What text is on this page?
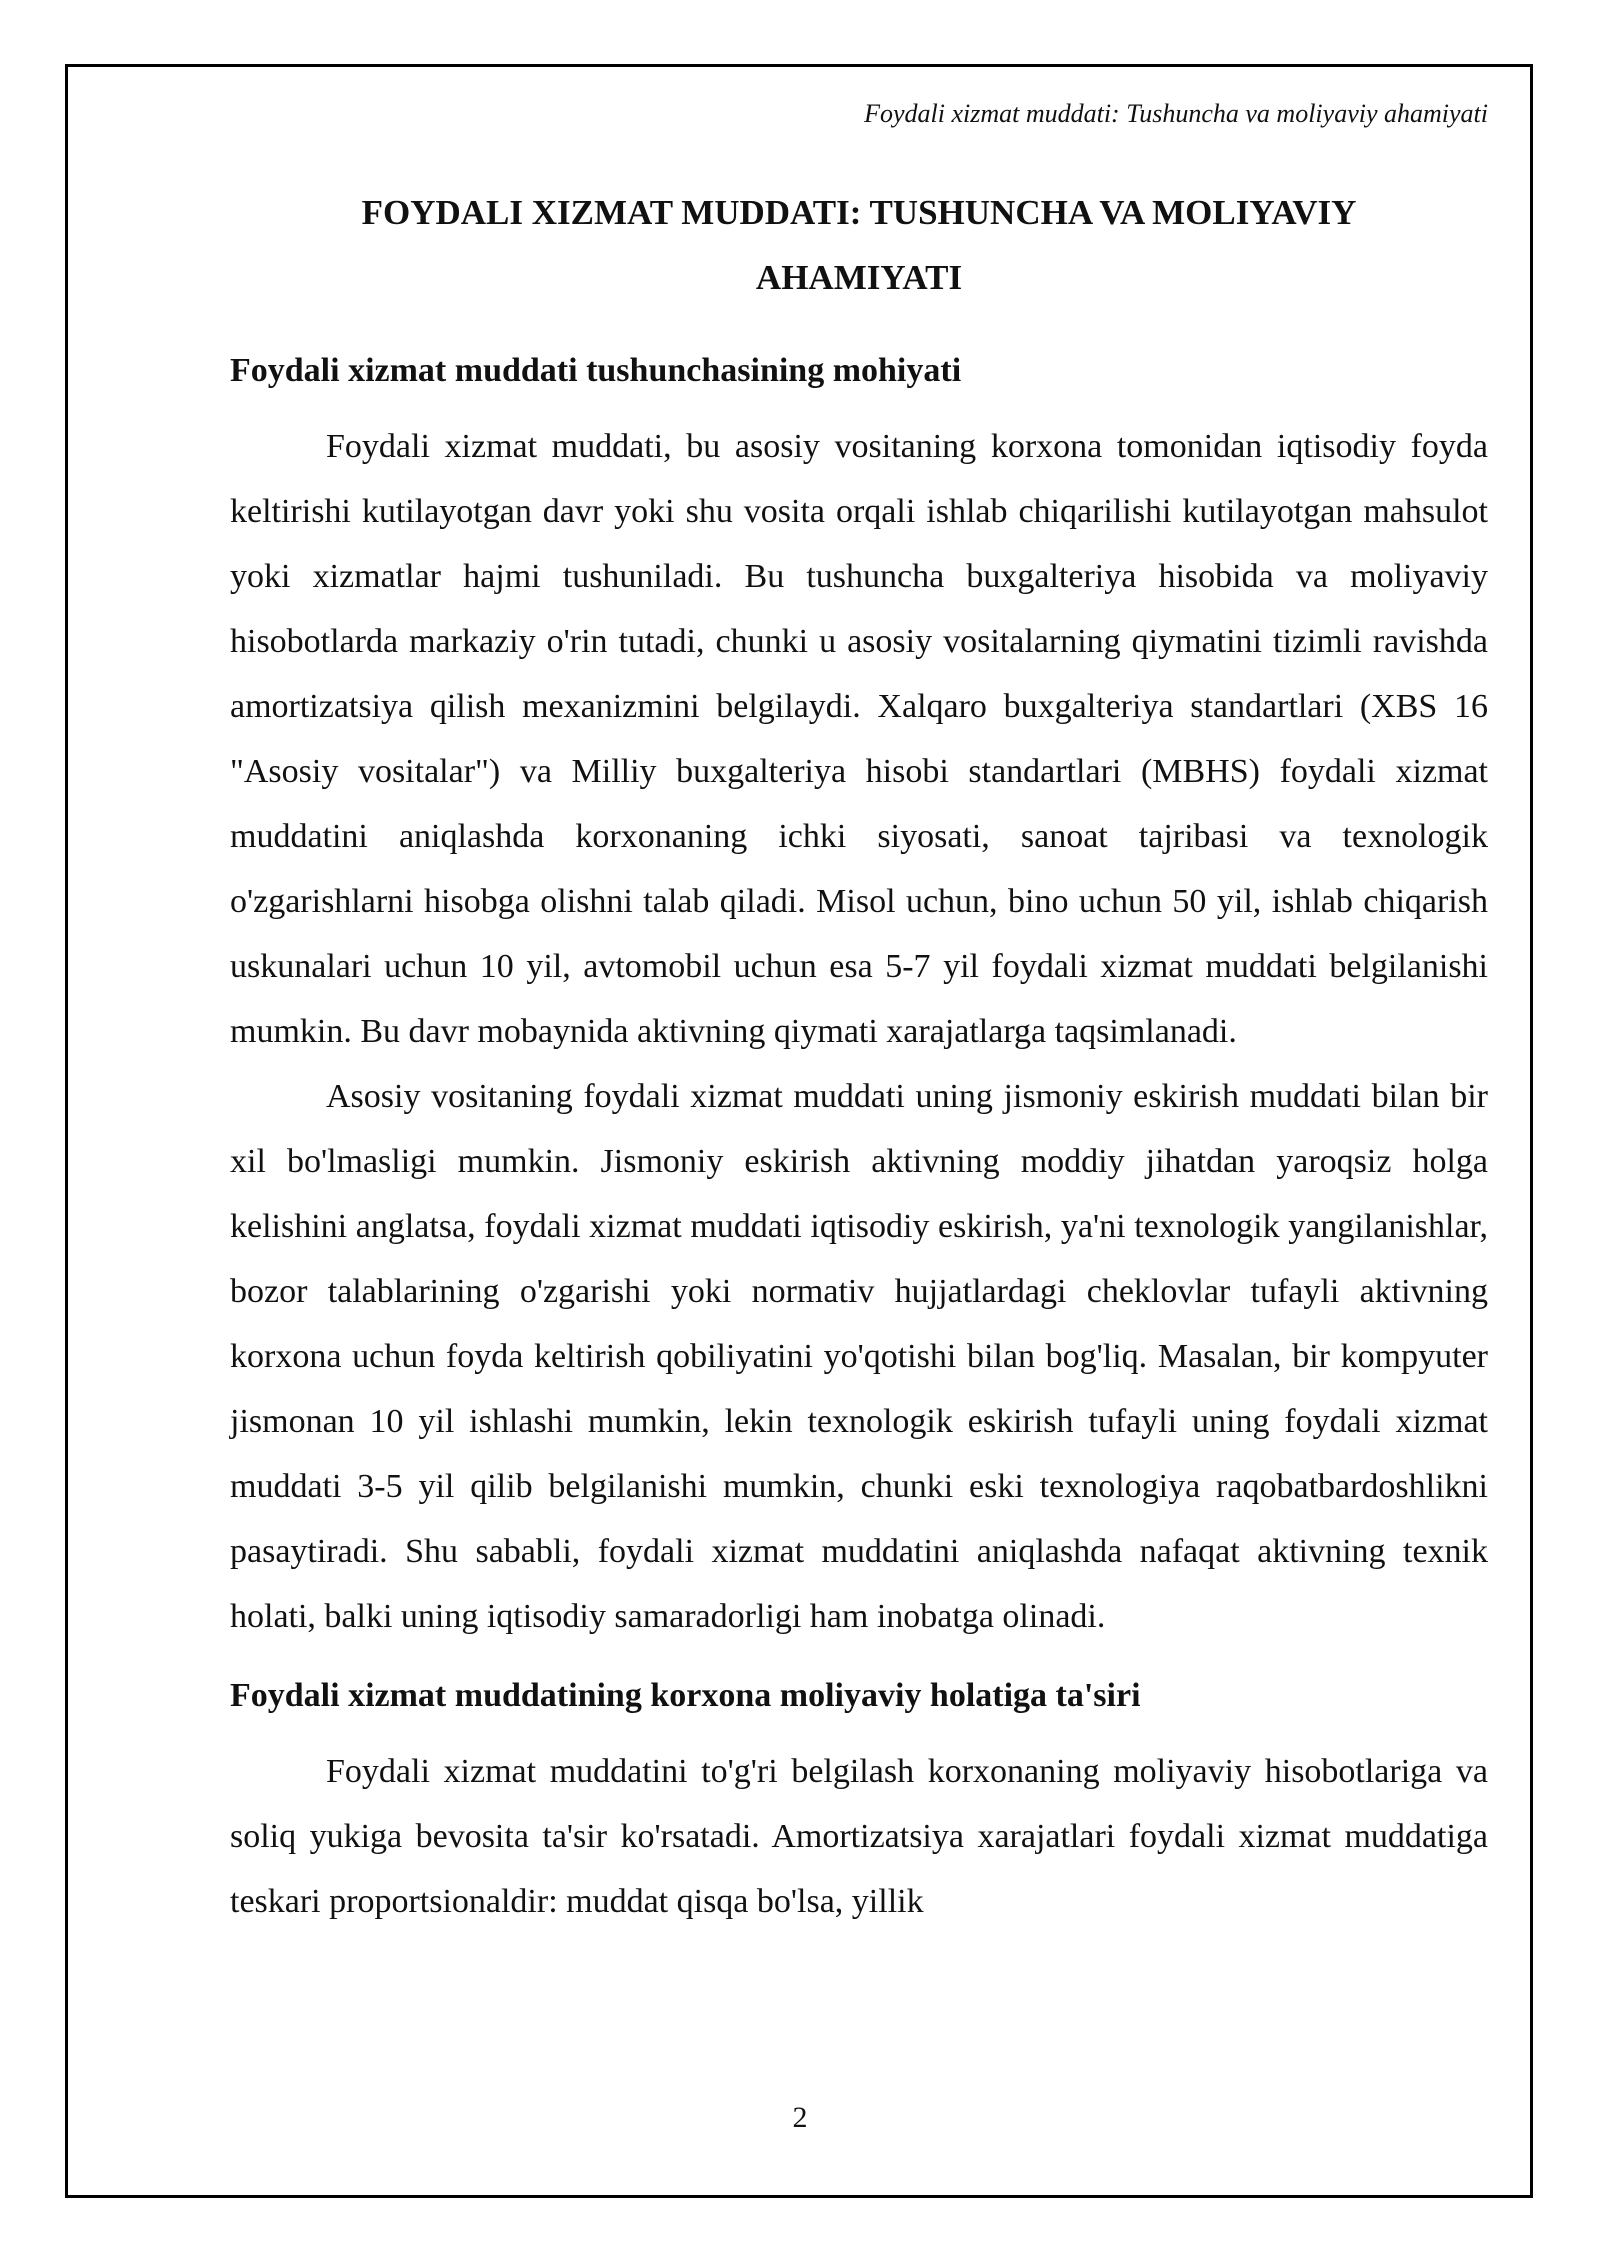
Foydali xizmat muddati: Tushuncha va moliyaviy ahamiyati
FOYDALI XIZMAT MUDDATI: TUSHUNCHA VA MOLIYAVIY AHAMIYATI
Foydali xizmat muddati tushunchasining mohiyati

Foydali xizmat muddati, bu asosiy vositaning korxona tomonidan iqtisodiy foyda keltirishi kutilayotgan davr yoki shu vosita orqali ishlab chiqarilishi kutilayotgan mahsulot yoki xizmatlar hajmi tushuniladi. Bu tushuncha buxgalteriya hisobida va moliyaviy hisobotlarda markaziy o'rin tutadi, chunki u asosiy vositalarning qiymatini tizimli ravishda amortizatsiya qilish mexanizmini belgilaydi. Xalqaro buxgalteriya standartlari (XBS 16 "Asosiy vositalar") va Milliy buxgalteriya hisobi standartlari (MBHS) foydali xizmat muddatini aniqlashda korxonaning ichki siyosati, sanoat tajribasi va texnologik o'zgarishlarni hisobga olishni talab qiladi. Misol uchun, bino uchun 50 yil, ishlab chiqarish uskunalari uchun 10 yil, avtomobil uchun esa 5-7 yil foydali xizmat muddati belgilanishi mumkin. Bu davr mobaynida aktivning qiymati xarajatlarga taqsimlanadi.

Asosiy vositaning foydali xizmat muddati uning jismoniy eskirish muddati bilan bir xil bo'lmasligi mumkin. Jismoniy eskirish aktivning moddiy jihatdan yaroqsiz holga kelishini anglatsa, foydali xizmat muddati iqtisodiy eskirish, ya'ni texnologik yangilanishlar, bozor talablarining o'zgarishi yoki normativ hujjatlardagi cheklovlar tufayli aktivning korxona uchun foyda keltirish qobiliyatini yo'qotishi bilan bog'liq. Masalan, bir kompyuter jismonan 10 yil ishlashi mumkin, lekin texnologik eskirish tufayli uning foydali xizmat muddati 3-5 yil qilib belgilanishi mumkin, chunki eski texnologiya raqobatbardoshlikni pasaytiradi. Shu sababli, foydali xizmat muddatini aniqlashda nafaqat aktivning texnik holati, balki uning iqtisodiy samaradorligi ham inobatga olinadi.

Foydali xizmat muddatining korxona moliyaviy holatiga ta'siri

Foydali xizmat muddatini to'g'ri belgilash korxonaning moliyaviy hisobotlariga va soliq yukiga bevosita ta'sir ko'rsatadi. Amortizatsiya xarajatlari foydali xizmat muddatiga teskari proportsionaldir: muddat qisqa bo'lsa, yillik

2
